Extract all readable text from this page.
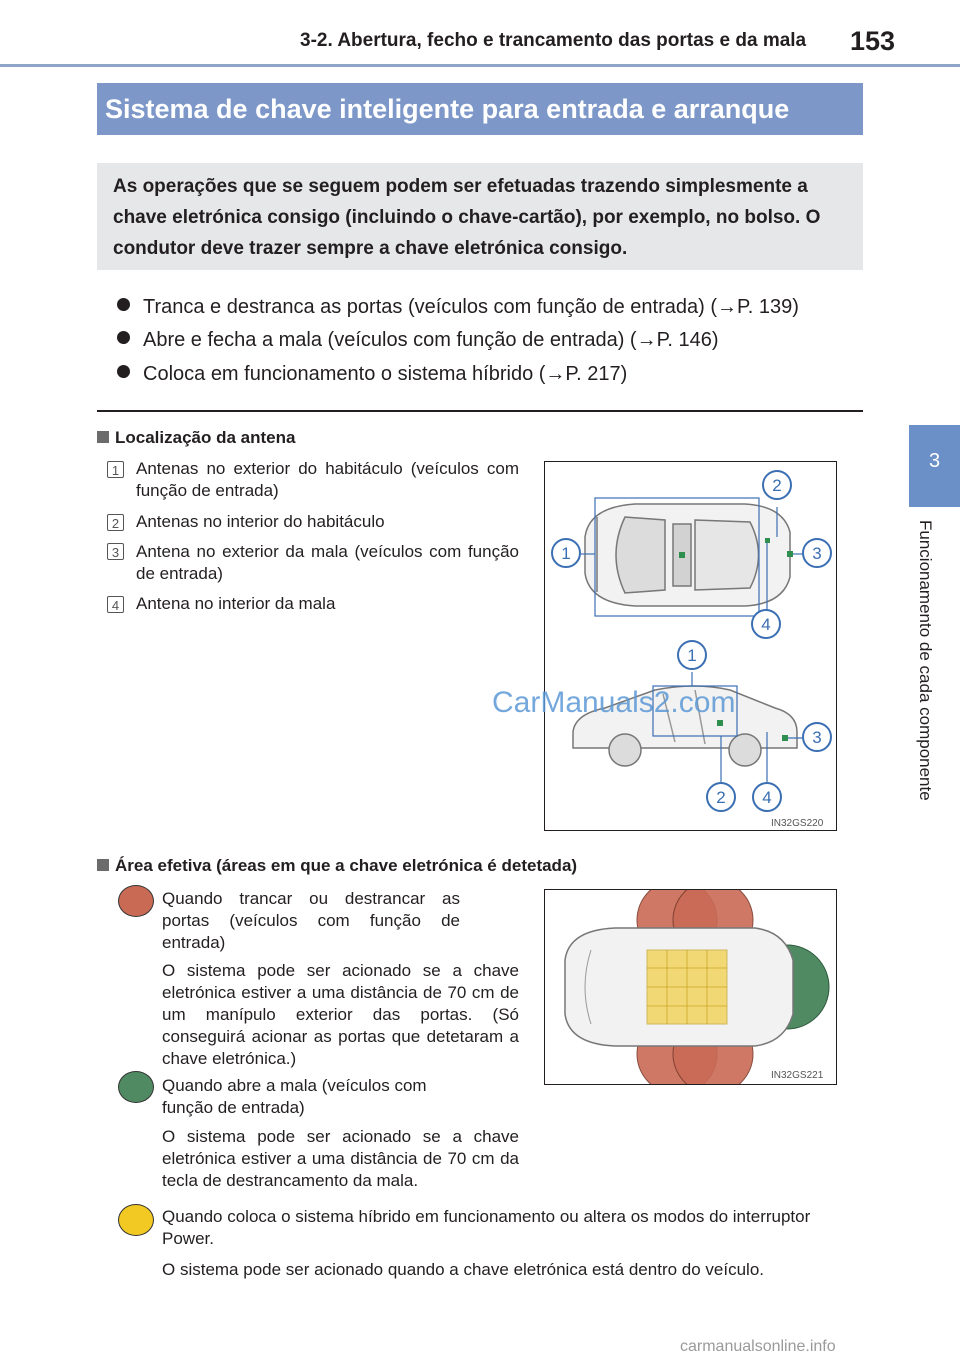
3-2. Abertura, fecho e trancamento das portas e da mala 153
3
Funcionamento de cada componente
Sistema de chave inteligente para entrada e arranque
As operações que se seguem podem ser efetuadas trazendo simplesmente a chave eletrónica consigo (incluindo o chave-cartão), por exemplo, no bolso. O condutor deve trazer sempre a chave eletrónica consigo.
Tranca e destranca as portas (veículos com função de entrada) (→P. 139)
Abre e fecha a mala (veículos com função de entrada) (→P. 146)
Coloca em funcionamento o sistema híbrido (→P. 217)
Localização da antena
1 Antenas no exterior do habitáculo (veículos com função de entrada)
2 Antenas no interior do habitáculo
3 Antena no exterior da mala (veículos com função de entrada)
4 Antena no interior da mala
1
2
3
4
1
2
3
4
IN32GS220
CarManuals2.com
Área efetiva (áreas em que a chave eletrónica é detetada)
Quando trancar ou destrancar as portas (veículos com função de entrada)
O sistema pode ser acionado se a chave eletrónica estiver a uma distância de 70 cm de um manípulo exterior das portas. (Só conseguirá acionar as portas que detetaram a chave eletrónica.)
Quando abre a mala (veículos com função de entrada)
O sistema pode ser acionado se a chave eletrónica estiver a uma distância de 70 cm da tecla de destrancamento da mala.
Quando coloca o sistema híbrido em funcionamento ou altera os modos do interruptor Power.
O sistema pode ser acionado quando a chave eletrónica está dentro do veículo.
IN32GS221
carmanualsonline.info
